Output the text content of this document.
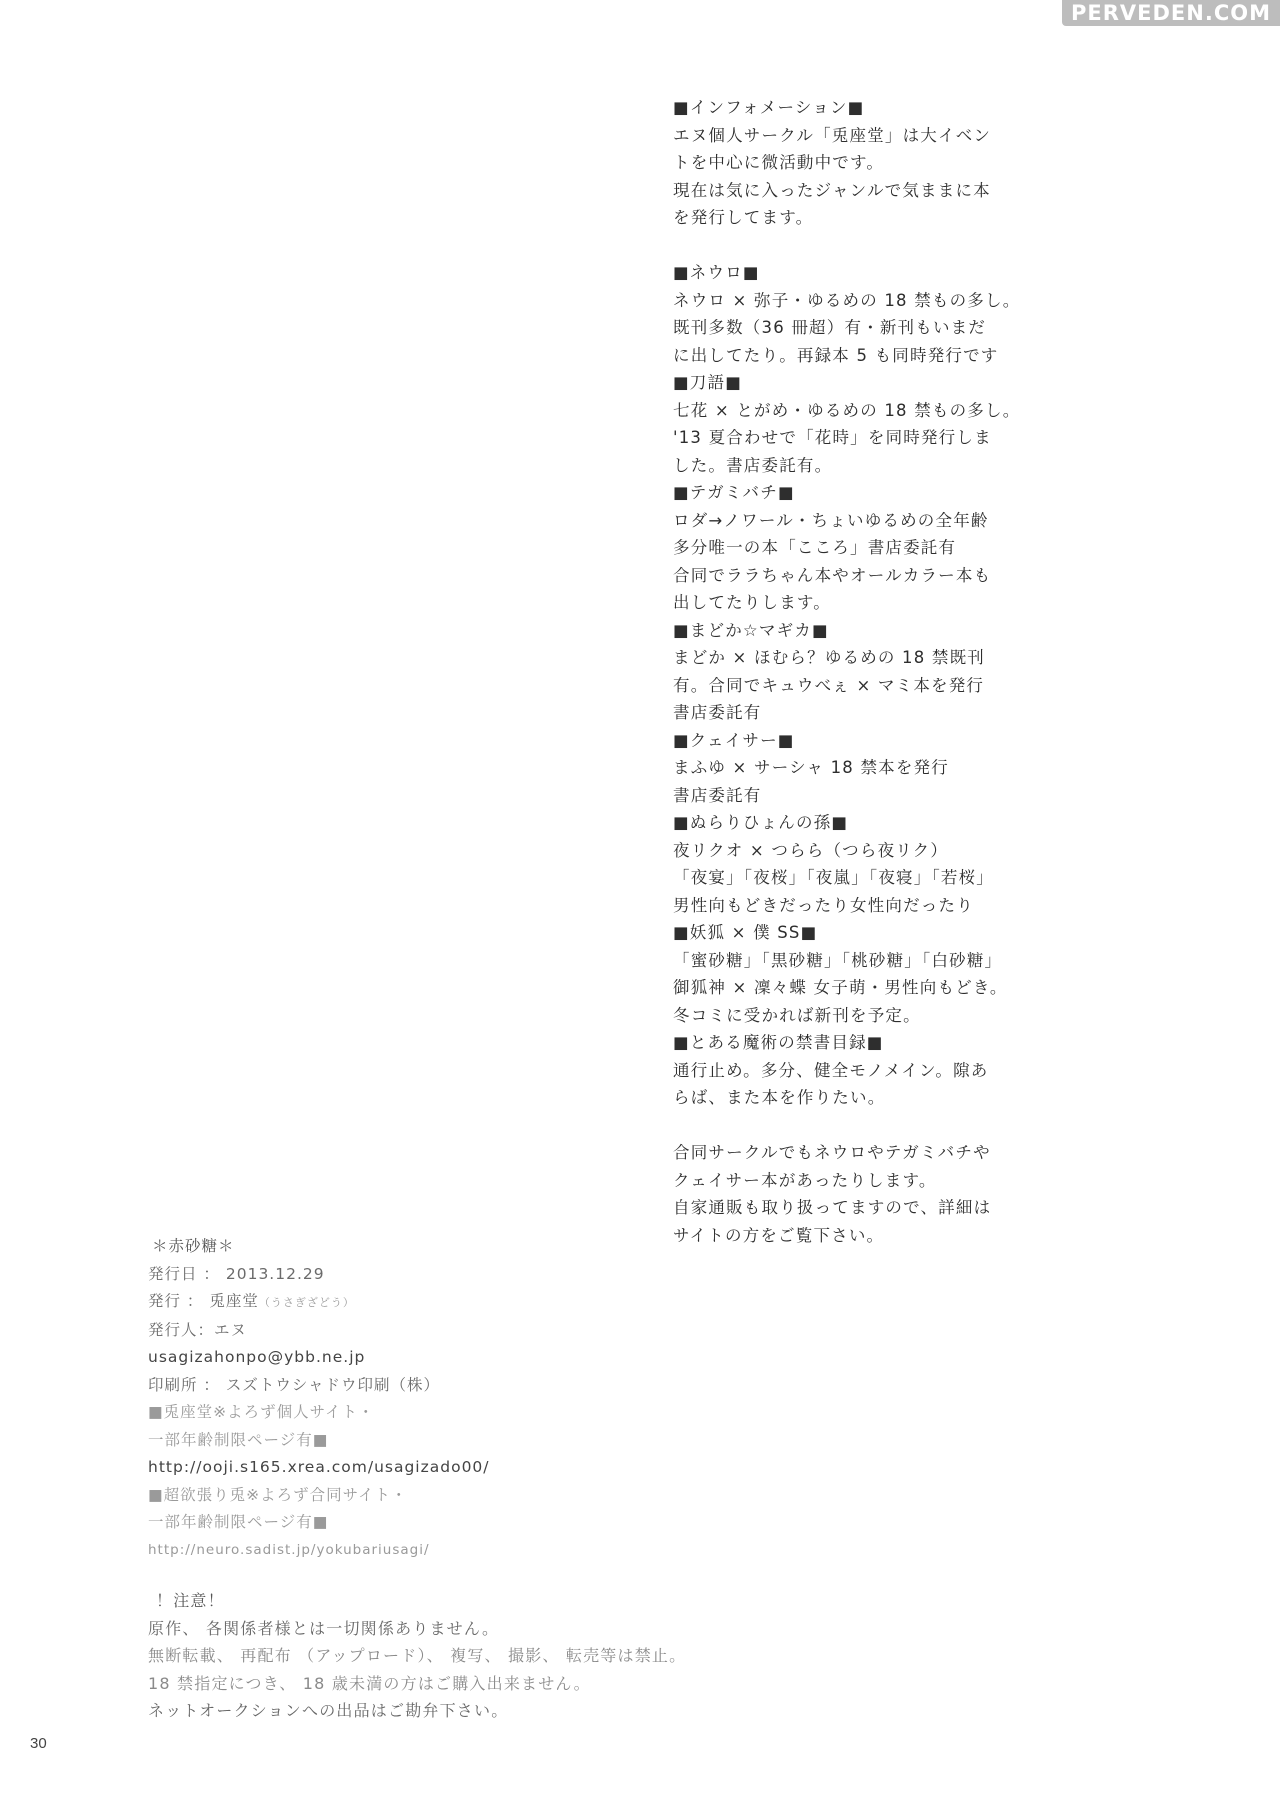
PERVEDEN.COM
■インフォメーション■
エヌ個人サークル「兎座堂」は大イベン
トを中心に微活動中です。
現在は気に入ったジャンルで気ままに本
を発行してます。
■ネウロ■
ネウロ × 弥子・ゆるめの 18 禁もの多し。
既刊多数（36 冊超）有・新刊もいまだ
に出してたり。再録本 5 も同時発行です
■刀語■
七花 × とがめ・ゆるめの 18 禁もの多し。
'13 夏合わせで「花時」を同時発行しま
した。書店委託有。
■テガミバチ■
ロダ→ノワール・ちょいゆるめの全年齢
多分唯一の本「こころ」書店委託有
合同でララちゃん本やオールカラー本も
出してたりします。
■まどか☆マギカ■
まどか × ほむら？ゆるめの 18 禁既刊
有。合同でキュウべぇ × マミ本を発行
書店委託有
■クェイサー■
まふゆ × サーシャ 18 禁本を発行
書店委託有
■ぬらりひょんの孫■
夜リクオ × つらら（つら夜リク）
「夜宴」「夜桜」「夜嵐」「夜寝」「若桜」
男性向もどきだったり女性向だったり
■妖狐 × 僕 SS■
「蜜砂糖」「黒砂糖」「桃砂糖」「白砂糖」
御狐神 × 凜々蝶 女子萌・男性向もどき。
冬コミに受かれば新刊を予定。
■とある魔術の禁書目録■
通行止め。多分、健全モノメイン。隙あ
らば、また本を作りたい。
合同サークルでもネウロやテガミバチや
クェイサー本があったりします。
自家通販も取り扱ってますので、詳細は
サイトの方をご覧下さい。
＊赤砂糖＊
発行日 ： 2013.12.29
発行 ： 兎座堂（うさぎざどう）
発行人：エヌ
usagizahonpo@ybb.ne.jp
印刷所 ： スズトウシャドウ印刷（株）
■兎座堂※よろず個人サイト・
一部年齢制限ページ有■
http://ooji.s165.xrea.com/usagizado00/
■超欲張り兎※よろず合同サイト・
一部年齢制限ページ有■
http://neuro.sadist.jp/yokubariusagi/
！注意！
原作、 各関係者様とは一切関係ありません。
無断転載、 再配布 （アップロード）、 複写、 撮影、 転売等は禁止。
18 禁指定につき、 18 歳未満の方はご購入出来ません。
ネットオークションへの出品はご勘弁下さい。
30
